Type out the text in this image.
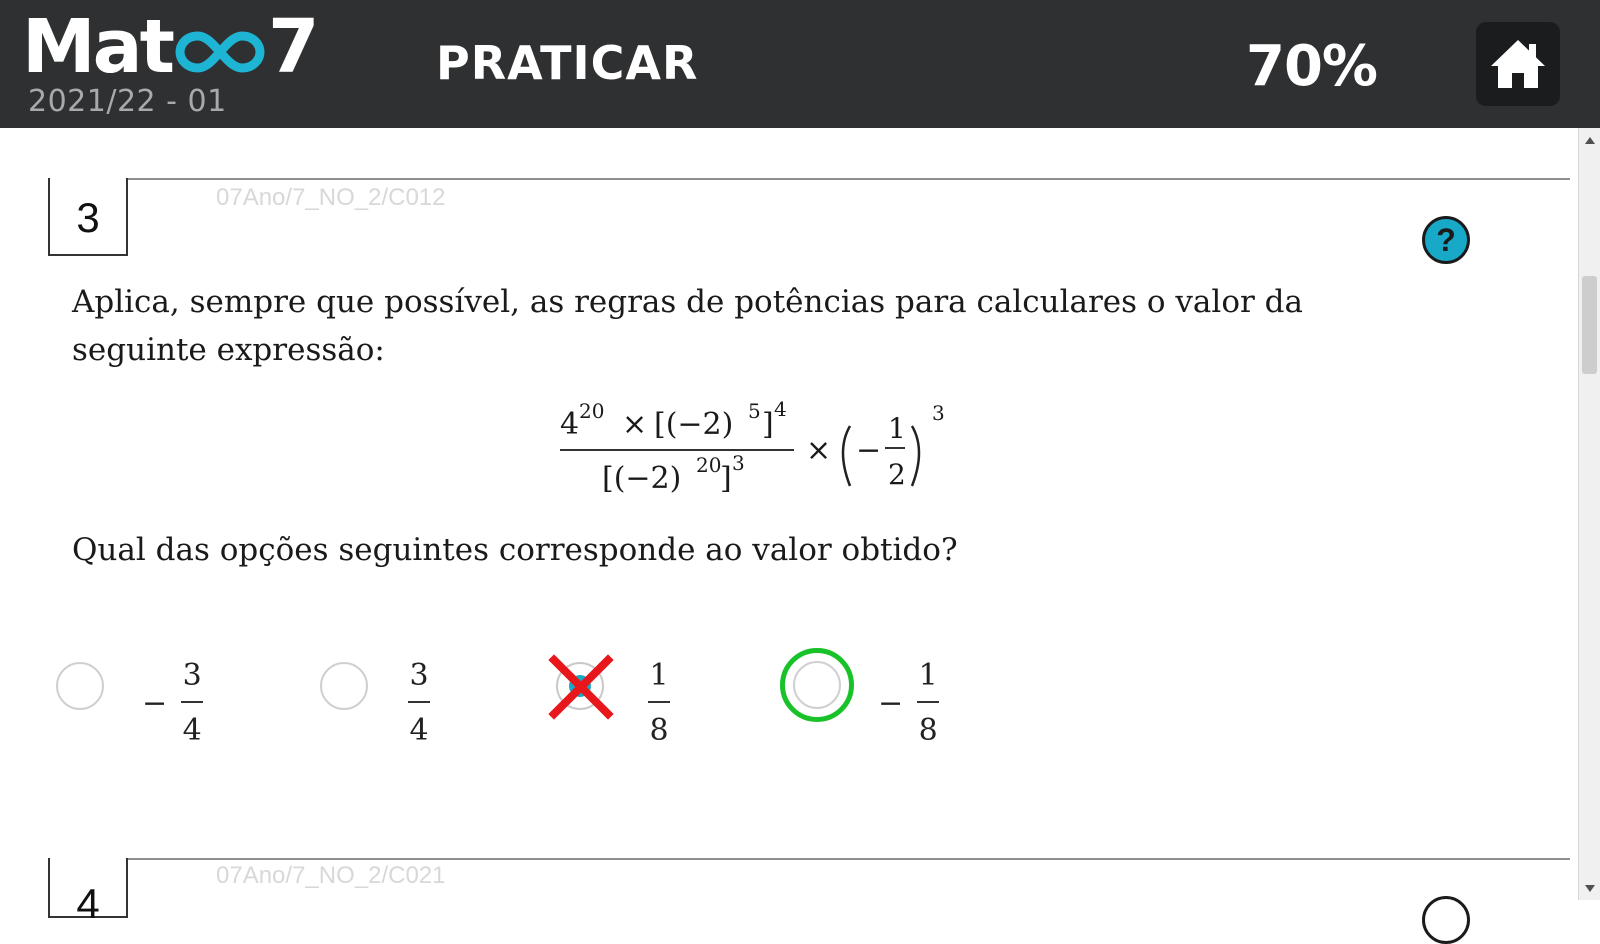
Mat 7
2021/22 - 01
PRATICAR	70%
3	07Ano/7_NO_2/C012
?
Aplica, sempre que possível, as regras de potências para calculares o valor da seguinte expressão:
4 20 × [(−2) 5 ] 4
[(−2) 20
] 3 × −
1
2
3
Qual das opções seguintes corresponde ao valor obtido?
− $\frac{3}{4}$	$\frac{3}{4}$	$\frac{1}{8}$	− $\frac{1}{8}$
4
07Ano/7_NO_2/C021
